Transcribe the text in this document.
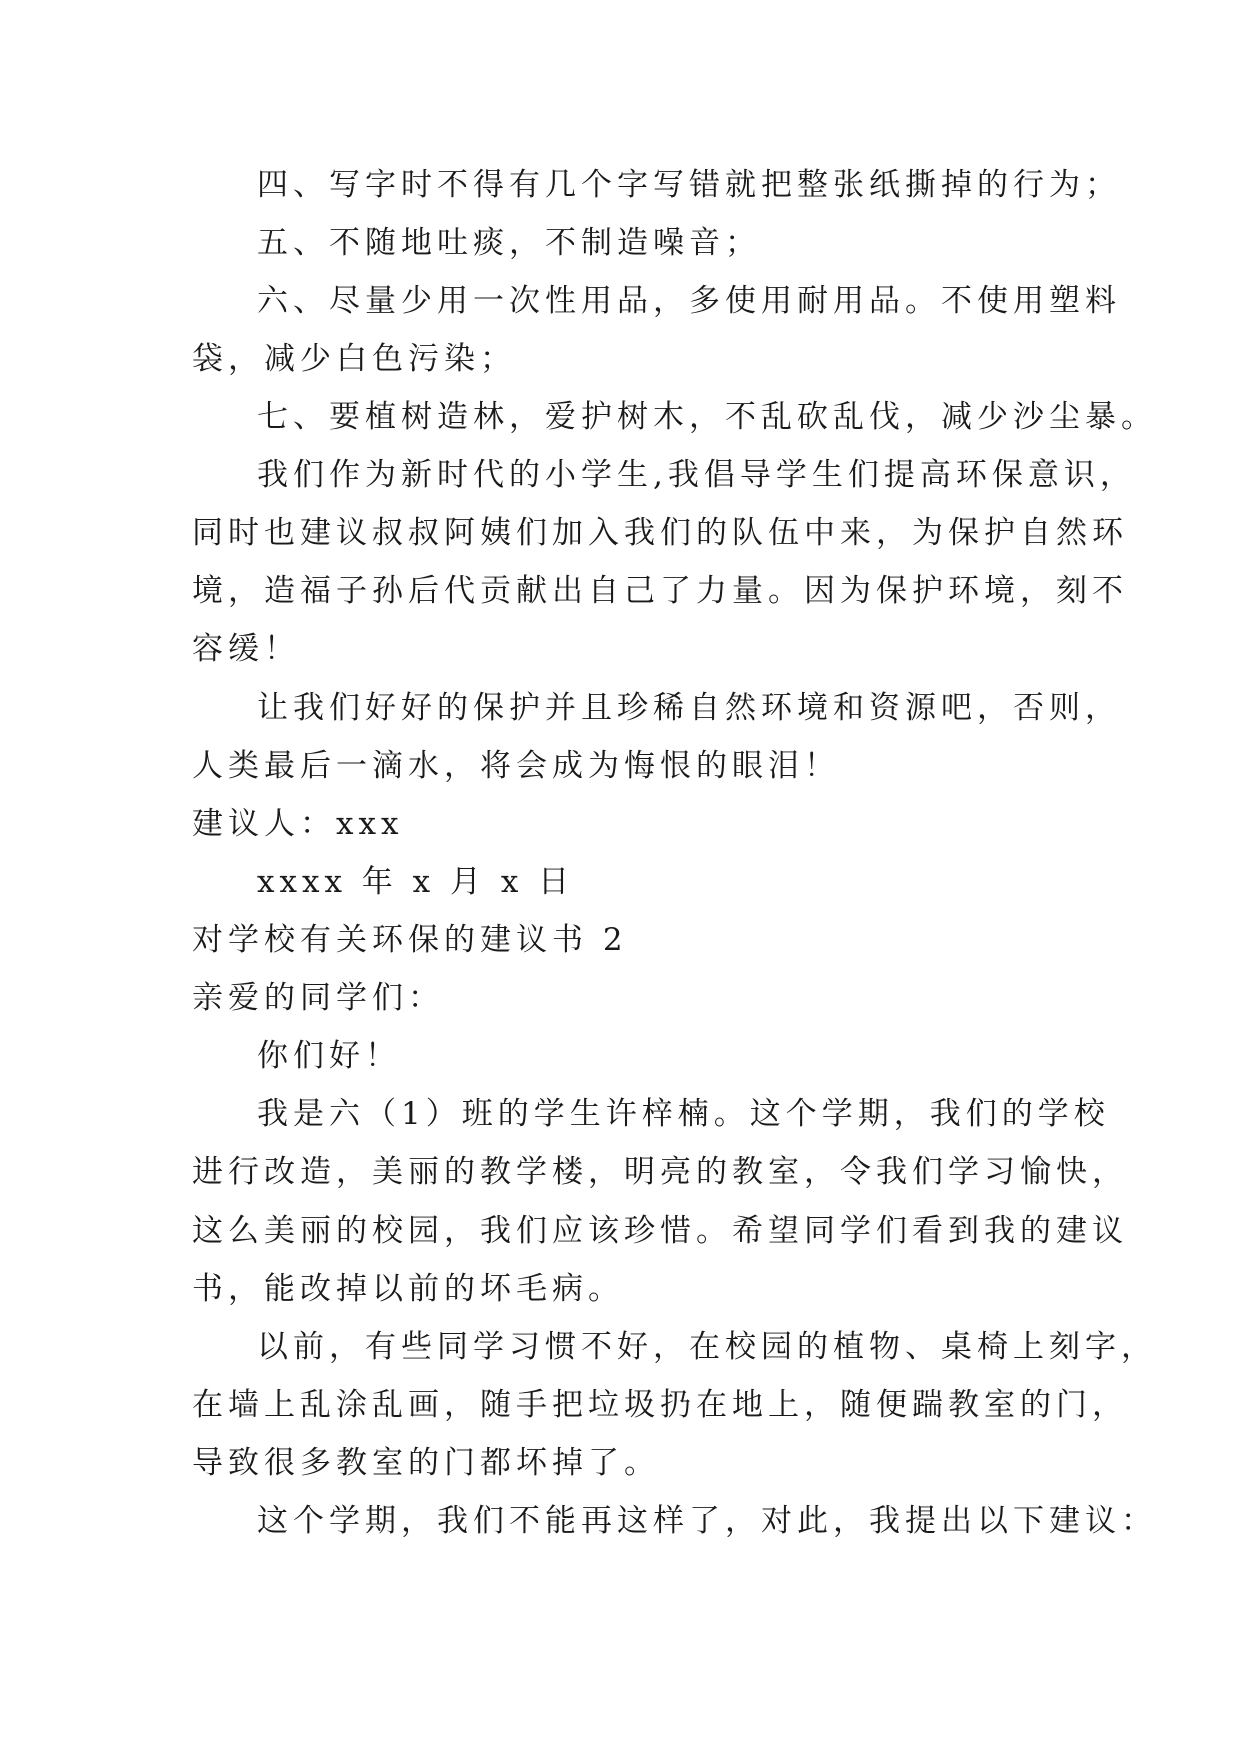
四、写字时不得有几个字写错就把整张纸撕掉的行为；
五、不随地吐痰，不制造噪音；
六、尽量少用一次性用品，多使用耐用品。不使用塑料
袋，减少白色污染；
七、要植树造林，爱护树木，不乱砍乱伐，减少沙尘暴。
我们作为新时代的小学生,我倡导学生们提高环保意识，
同时也建议叔叔阿姨们加入我们的队伍中来，为保护自然环
境，造福子孙后代贡献出自己了力量。因为保护环境，刻不
容缓！
让我们好好的保护并且珍稀自然环境和资源吧，否则，
人类最后一滴水，将会成为悔恨的眼泪！
建议人：xxx
xxxx 年 x 月 x 日
对学校有关环保的建议书 2
亲爱的同学们：
你们好！
我是六（1）班的学生许梓楠。这个学期，我们的学校
进行改造，美丽的教学楼，明亮的教室，令我们学习愉快，
这么美丽的校园，我们应该珍惜。希望同学们看到我的建议
书，能改掉以前的坏毛病。
以前，有些同学习惯不好，在校园的植物、桌椅上刻字，
在墙上乱涂乱画，随手把垃圾扔在地上，随便踹教室的门，
导致很多教室的门都坏掉了。
这个学期，我们不能再这样了，对此，我提出以下建议：
